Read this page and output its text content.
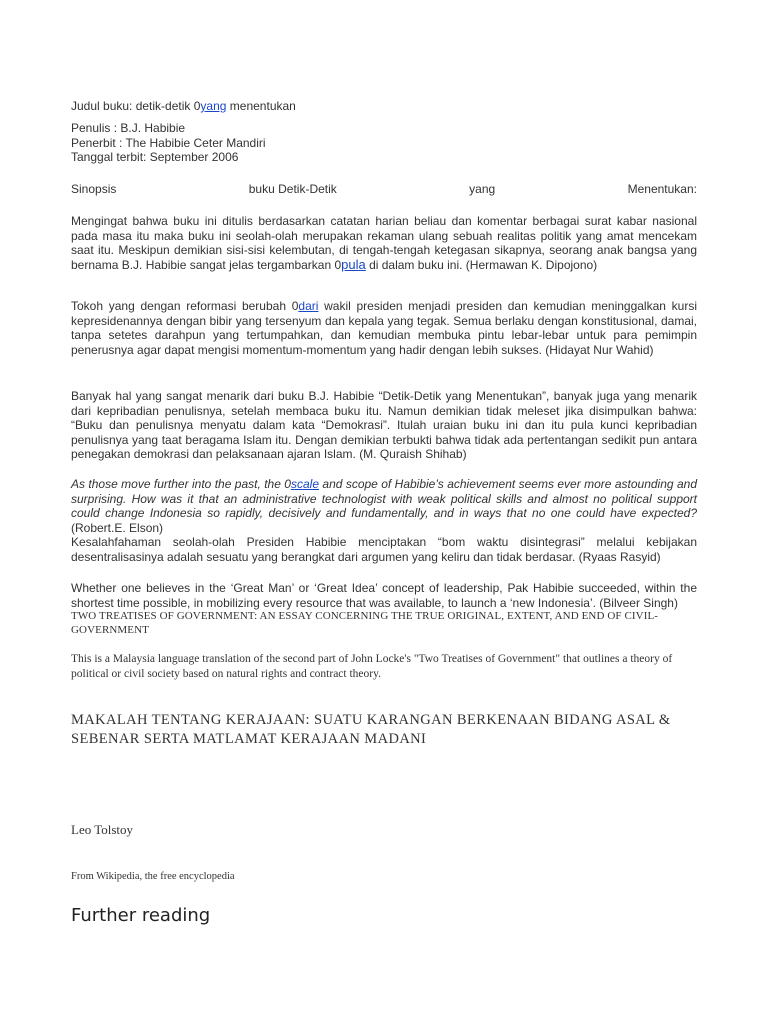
Judul buku: detik-detik 0yang menentukan

Penulis : B.J. Habibie

Penerbit : The Habibie Ceter Mandiri

Tanggal terbit: September 2006

Sinopsis	buku Detik-Detik	yang	Menentukan:

Mengingat bahwa buku ini ditulis berdasarkan catatan harian beliau dan komentar berbagai surat kabar nasional pada masa itu maka buku ini seolah-olah merupakan rekaman ulang sebuah realitas politik yang amat mencekam saat itu. Meskipun demikian sisi-sisi kelembutan, di tengah-tengah ketegasan sikapnya, seorang anak bangsa yang bernama B.J. Habibie sangat jelas tergambarkan 0pula di dalam buku ini. (Hermawan K. Dipojono)

Tokoh yang dengan reformasi berubah 0dari wakil presiden menjadi presiden dan kemudian meninggalkan kursi kepresidenannya dengan bibir yang tersenyum dan kepala yang tegak. Semua berlaku dengan konstitusional, damai, tanpa setetes darahpun yang tertumpahkan, dan kemudian membuka pintu lebar-lebar untuk para pemimpin penerusnya agar dapat mengisi momentum-momentum yang hadir dengan lebih sukses. (Hidayat Nur Wahid)

Banyak hal yang sangat menarik dari buku B.J. Habibie “Detik-Detik yang Menentukan”, banyak juga yang menarik dari kepribadian penulisnya, setelah membaca buku itu. Namun demikian tidak meleset jika disimpulkan bahwa: “Buku dan penulisnya menyatu dalam kata “Demokrasi”. Itulah uraian buku ini dan itu pula kunci kepribadian penulisnya yang taat beragama Islam itu. Dengan demikian terbukti bahwa tidak ada pertentangan sedikit pun antara penegakan demokrasi dan pelaksanaan ajaran Islam. (M. Quraish Shihab)

As those move further into the past, the 0scale and scope of Habibie’s achievement seems ever more astounding and surprising. How was it that an administrative technologist with weak political skills and almost no political support could change Indonesia so rapidly, decisively and fundamentally, and in ways that no one could have expected? (Robert.E. Elson)

Kesalahfahaman seolah-olah Presiden Habibie menciptakan “bom waktu disintegrasi” melalui kebijakan desentralisasinya adalah sesuatu yang berangkat dari argumen yang keliru dan tidak berdasar. (Ryaas Rasyid)

Whether one believes in the ‘Great Man’ or ‘Great Idea’ concept of leadership, Pak Habibie succeeded, within the shortest time possible, in mobilizing every resource that was available, to launch a ‘new Indonesia’. (Bilveer Singh)

TWO TREATISES OF GOVERNMENT: AN ESSAY CONCERNING THE TRUE ORIGINAL, EXTENT, AND END OF CIVIL-GOVERNMENT

This is a Malaysia language translation of the second part of John Locke's "Two Treatises of Government" that outlines a theory of political or civil society based on natural rights and contract theory.

MAKALAH TENTANG KERAJAAN: SUATU KARANGAN BERKENAAN BIDANG ASAL & SEBENAR SERTA MATLAMAT KERAJAAN MADANI

Leo Tolstoy

From Wikipedia, the free encyclopedia

Further reading
